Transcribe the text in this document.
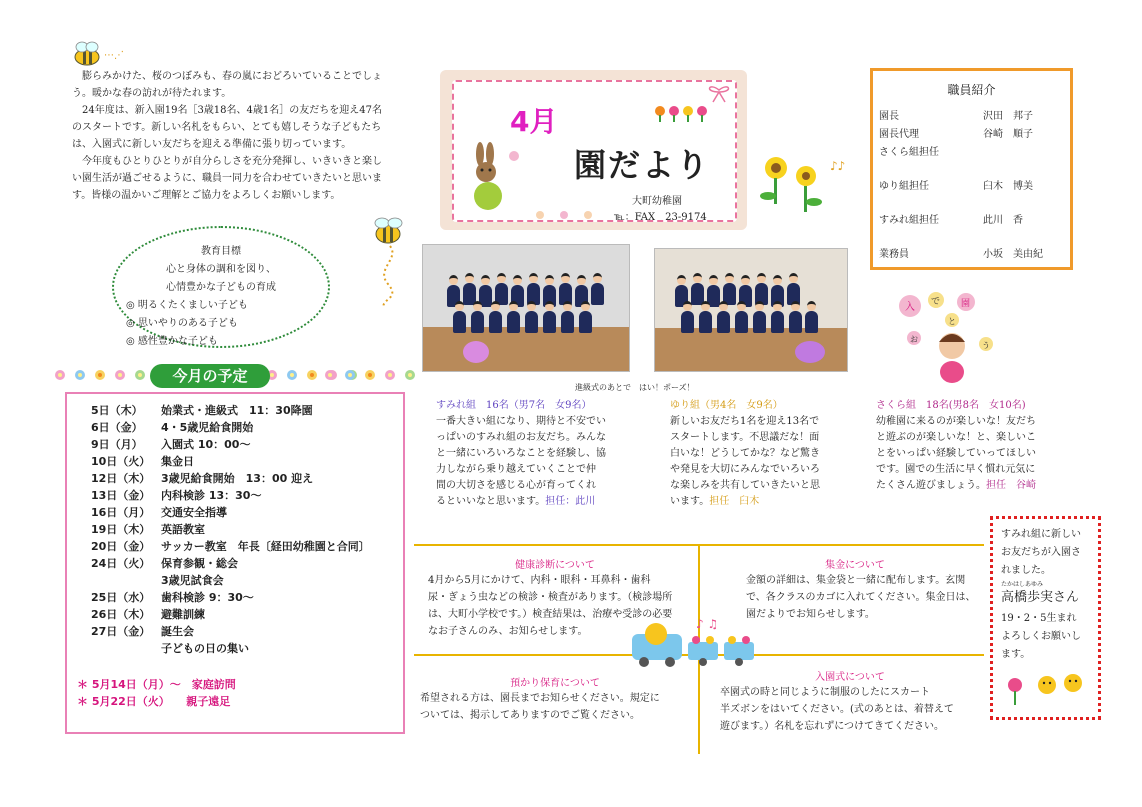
⋯⋰

膨らみかけた、桜のつぼみも、春の嵐におどろいていることでしょう。暖かな春の訪れが待たれます。

24年度は、新入園19名［3歳18名、4歳1名］の友だちを迎え47名のスタートです。新しい名札をもらい、とても嬉しそうな子どもたちは、入園式に新しい友だちを迎える準備に張り切っています。

今年度もひとりひとりが自分らしさを充分発揮し、いきいきと楽しい園生活が過ごせるように、職員一同力を合わせていきたいと思います。皆様の温かいご理解とご協力をよろしくお願いします。

教育目標
心と身体の調和を図り、
心情豊かな子どもの育成
◎ 明るくたくましい子ども
◎ 思いやりのある子ども
◎ 感性豊かな子ども
今月の予定
5日（木） 始業式・進級式　11：30降園
6日（金） 4・5歳児給食開始
9日（月） 入園式 10：00～
10日（火） 集金日
12日（木） 3歳児給食開始　13：00 迎え
13日（金） 内科検診 13：30～
16日（月） 交通安全指導
19日（木） 英語教室
20日（金） サッカー教室　年長〔経田幼稚園と合同〕
24日（火） 保育参観・総会
3歳児試食会
25日（水） 歯科検診 9：30～
26日（木） 避難訓練
27日（金） 誕生会
子どもの日の集い
＊ 5月14日（月）～　家庭訪問
＊ 5月22日（火）　　親子遠足
4月
園だより
大町幼稚園
℡：FAX　23-9174
♪♪
職員紹介
園長	沢田　邦子
園長代理	谷崎　順子
さくら組担任
ゆり組担任	臼木　博美
すみれ組担任	此川　香
業務員	小坂　美由紀
進級式のあとで　はい！ポーズ！
入 で 園
と
お
う
すみれ組　16名（男7名　女9名）
一番大きい組になり、期待と不安でい
っぱいのすみれ組のお友だち。みんな
と一緒にいろいろなことを経験し、協
力しながら乗り越えていくことで仲
間の大切さを感じる心が育ってくれ
るといいなと思います。担任：此川
ゆり組（男4名　女9名）
新しいお友だち1名を迎え13名で
スタートします。不思議だな！面
白いな！どうしてかな？など驚き
や発見を大切にみんなでいろいろ
な楽しみを共有していきたいと思
います。担任　臼木
さくら組　18名(男8名　女10名)
幼稚園に来るのが楽しいな！友だち
と遊ぶのが楽しいな！と、楽しいこ
とをいっぱい経験していってほしい
です。園での生活に早く慣れ元気に
たくさん遊びましょう。担任　谷崎
すみれ組に新しい
お友だちが入園さ
れました。
たかはしあゆみ
高橋歩実さん
19・2・5生まれ
よろしくお願いし
ます。
健康診断について
4月から5月にかけて、内科・眼科・耳鼻科・歯科
尿・ぎょう虫などの検診・検査があります。（検診場所
は、大町小学校です。）検査結果は、治療や受診の必要
なお子さんのみ、お知らせします。
集金について
金額の詳細は、集金袋と一緒に配布します。玄関
で、各クラスのカゴに入れてください。集金日は、
園だよりでお知らせします。
♪ ♫
預かり保育について
希望される方は、園長までお知らせください。規定に
ついては、掲示してありますのでご覧ください。
入園式について
卒園式の時と同じように制服のしたにスカート
半ズボンをはいてください。(式のあとは、着替えて
遊びます。）名札を忘れずにつけてきてください。
